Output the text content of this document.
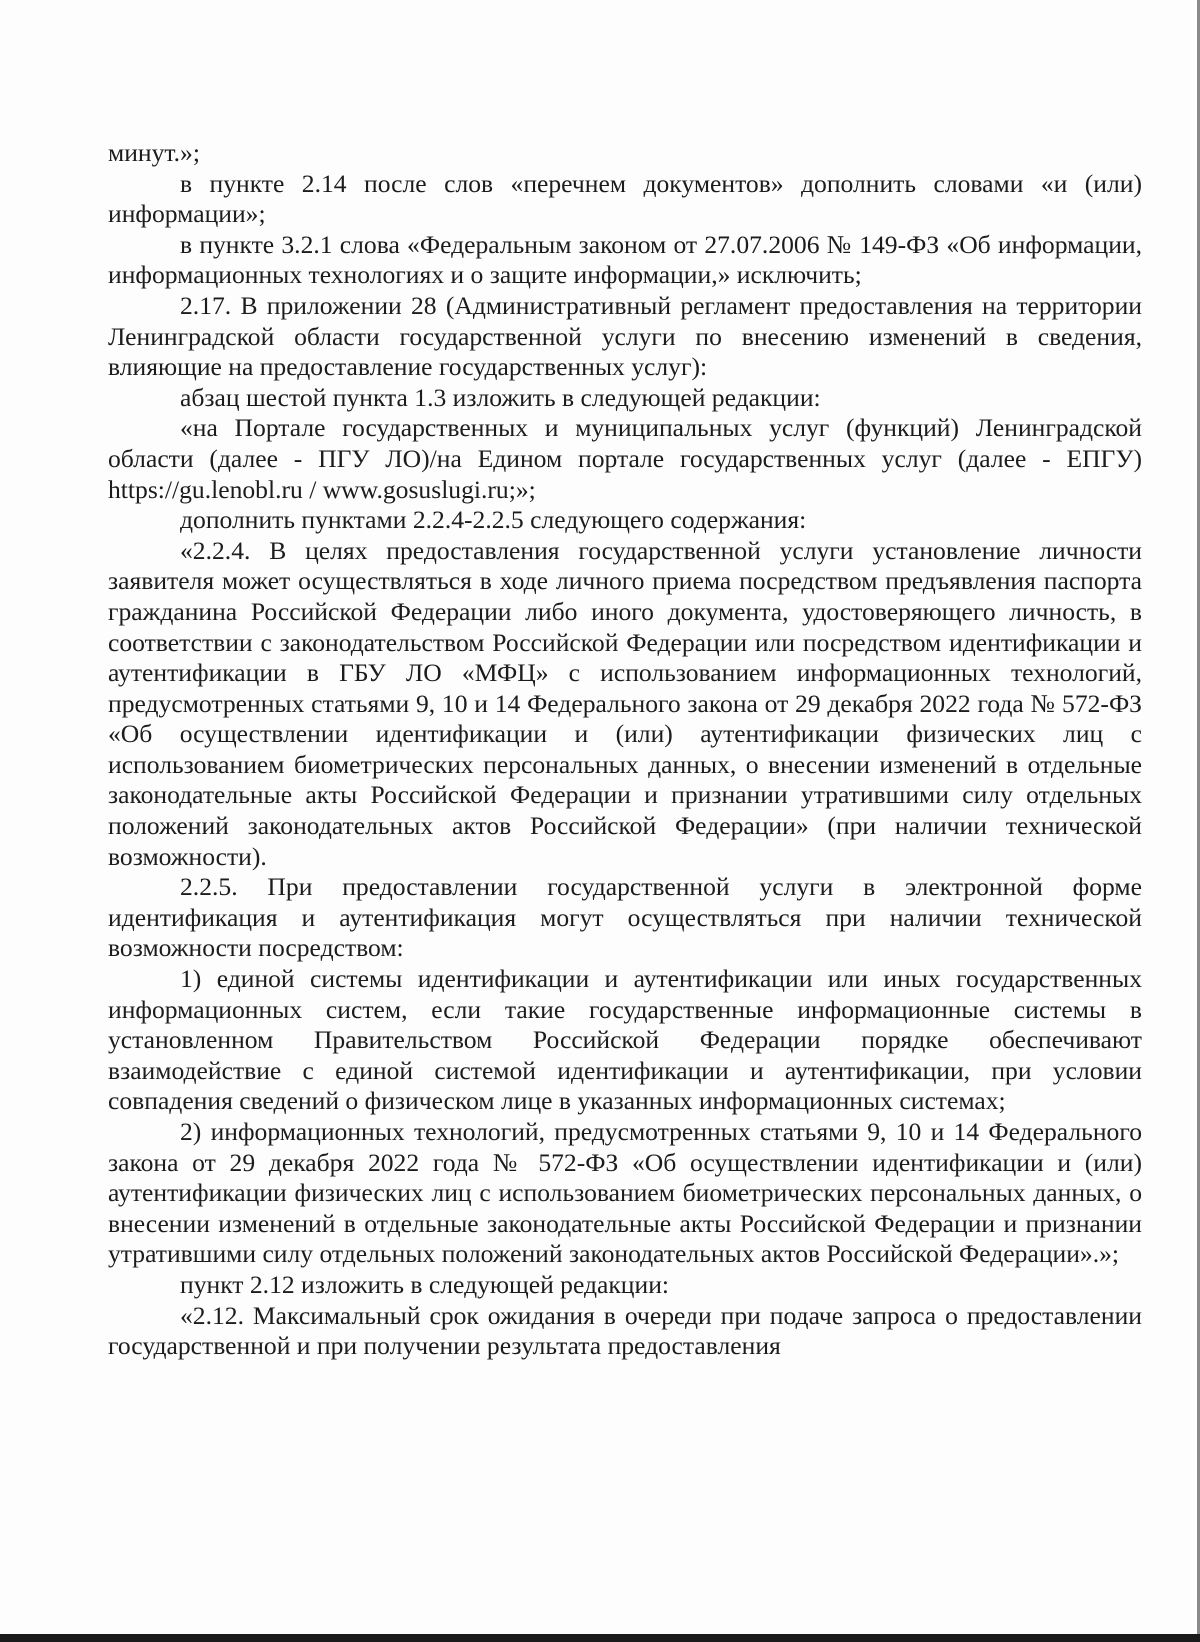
минут.»;

в пункте 2.14 после слов «перечнем документов» дополнить словами «и (или) информации»;

в пункте 3.2.1 слова «Федеральным законом от 27.07.2006 № 149-ФЗ «Об информации, информационных технологиях и о защите информации,» исключить;

2.17. В приложении 28 (Административный регламент предоставления на территории Ленинградской области государственной услуги по внесению изменений в сведения, влияющие на предоставление государственных услуг):

абзац шестой пункта 1.3 изложить в следующей редакции:

«на Портале государственных и муниципальных услуг (функций) Ленинградской области (далее - ПГУ ЛО)/на Едином портале государственных услуг (далее - ЕПГУ) https://gu.lenobl.ru / www.gosuslugi.ru;»;

дополнить пунктами 2.2.4-2.2.5 следующего содержания:

«2.2.4. В целях предоставления государственной услуги установление личности заявителя может осуществляться в ходе личного приема посредством предъявления паспорта гражданина Российской Федерации либо иного документа, удостоверяющего личность, в соответствии с законодательством Российской Федерации или посредством идентификации и аутентификации в ГБУ ЛО «МФЦ» с использованием информационных технологий, предусмотренных статьями 9, 10 и 14 Федерального закона от 29 декабря 2022 года № 572-ФЗ «Об осуществлении идентификации и (или) аутентификации физических лиц с использованием биометрических персональных данных, о внесении изменений в отдельные законодательные акты Российской Федерации и признании утратившими силу отдельных положений законодательных актов Российской Федерации» (при наличии технической возможности).

2.2.5. При предоставлении государственной услуги в электронной форме идентификация и аутентификация могут осуществляться при наличии технической возможности посредством:

1) единой системы идентификации и аутентификации или иных государственных информационных систем, если такие государственные информационные системы в установленном Правительством Российской Федерации порядке обеспечивают взаимодействие с единой системой идентификации и аутентификации, при условии совпадения сведений о физическом лице в указанных информационных системах;

2) информационных технологий, предусмотренных статьями 9, 10 и 14 Федерального закона от 29 декабря 2022 года № 572-ФЗ «Об осуществлении идентификации и (или) аутентификации физических лиц с использованием биометрических персональных данных, о внесении изменений в отдельные законодательные акты Российской Федерации и признании утратившими силу отдельных положений законодательных актов Российской Федерации».»;

пункт 2.12 изложить в следующей редакции:

«2.12. Максимальный срок ожидания в очереди при подаче запроса о предоставлении государственной и при получении результата предоставления
